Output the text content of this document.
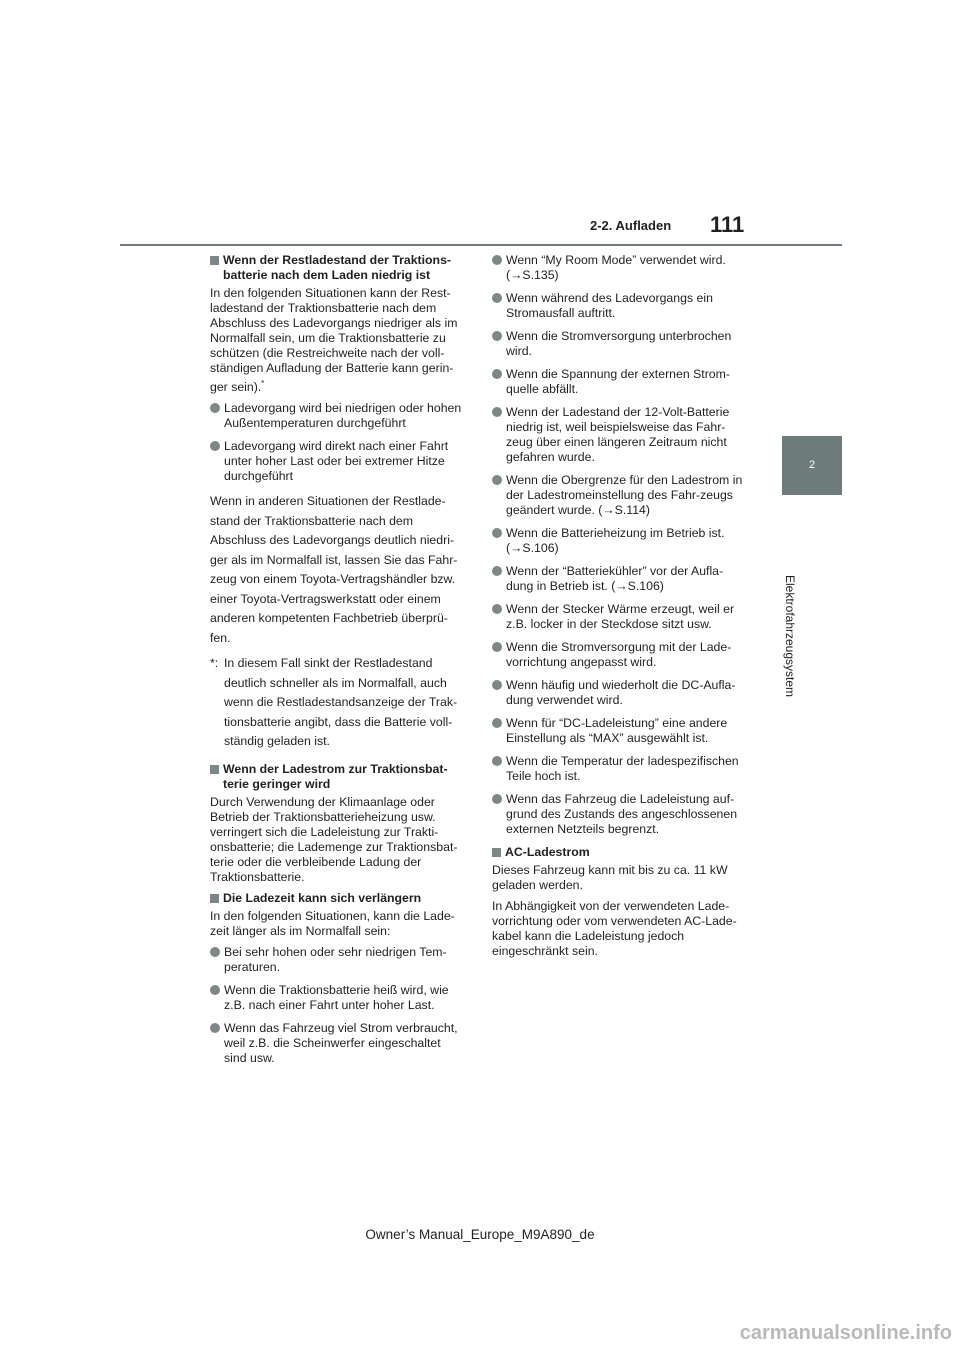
2-2. Aufladen 111
2
Elektrofahrzeugsystem
Wenn der Restladestand der Traktions-batterie nach dem Laden niedrig ist

In den folgenden Situationen kann der Rest-ladestand der Traktionsbatterie nach dem Abschluss des Ladevorgangs niedriger als im Normalfall sein, um die Traktionsbatterie zu schützen (die Restreichweite nach der voll-ständigen Aufladung der Batterie kann gerin-ger sein).*

Ladevorgang wird bei niedrigen oder hohen Außentemperaturen durchgeführt
Ladevorgang wird direkt nach einer Fahrt unter hoher Last oder bei extremer Hitze durchgeführt

Wenn in anderen Situationen der Restlade-stand der Traktionsbatterie nach dem Abschluss des Ladevorgangs deutlich niedri-ger als im Normalfall ist, lassen Sie das Fahr-zeug von einem Toyota-Vertragshändler bzw. einer Toyota-Vertragswerkstatt oder einem anderen kompetenten Fachbetrieb überprü-fen.

*: In diesem Fall sinkt der Restladestand deutlich schneller als im Normalfall, auch wenn die Restladestandsanzeige der Trak-tionsbatterie angibt, dass die Batterie voll-ständig geladen ist.
Wenn der Ladestrom zur Traktionsbat-terie geringer wird

Durch Verwendung der Klimaanlage oder Betrieb der Traktionsbatterieheizung usw. verringert sich die Ladeleistung zur Trakti-onsbatterie; die Lademenge zur Traktionsbat-terie oder die verbleibende Ladung der Traktionsbatterie.

Die Ladezeit kann sich verlängern

In den folgenden Situationen, kann die Lade-zeit länger als im Normalfall sein:

Bei sehr hohen oder sehr niedrigen Tem-peraturen.
Wenn die Traktionsbatterie heiß wird, wie z.B. nach einer Fahrt unter hoher Last.
Wenn das Fahrzeug viel Strom verbraucht, weil z.B. die Scheinwerfer eingeschaltet sind usw.
Wenn “My Room Mode” verwendet wird. (→S.135)
Wenn während des Ladevorgangs ein Stromausfall auftritt.
Wenn die Stromversorgung unterbrochen wird.
Wenn die Spannung der externen Strom-quelle abfällt.
Wenn der Ladestand der 12-Volt-Batterie niedrig ist, weil beispielsweise das Fahr-zeug über einen längeren Zeitraum nicht gefahren wurde.
Wenn die Obergrenze für den Ladestrom in der Ladestromeinstellung des Fahr-zeugs geändert wurde. (→S.114)
Wenn die Batterieheizung im Betrieb ist. (→S.106)
Wenn der “Batteriekühler” vor der Aufla-dung in Betrieb ist. (→S.106)
Wenn der Stecker Wärme erzeugt, weil er z.B. locker in der Steckdose sitzt usw.
Wenn die Stromversorgung mit der Lade-vorrichtung angepasst wird.
Wenn häufig und wiederholt die DC-Aufla-dung verwendet wird.
Wenn für “DC-Ladeleistung” eine andere Einstellung als “MAX” ausgewählt ist.
Wenn die Temperatur der ladespezifischen Teile hoch ist.
Wenn das Fahrzeug die Ladeleistung auf-grund des Zustands des angeschlossenen externen Netzteils begrenzt.
AC-Ladestrom

Dieses Fahrzeug kann mit bis zu ca. 11 kW geladen werden.

In Abhängigkeit von der verwendeten Lade-vorrichtung oder vom verwendeten AC-Lade-kabel kann die Ladeleistung jedoch eingeschränkt sein.

Owner’s Manual_Europe_M9A890_de
carmanualsonline.info
